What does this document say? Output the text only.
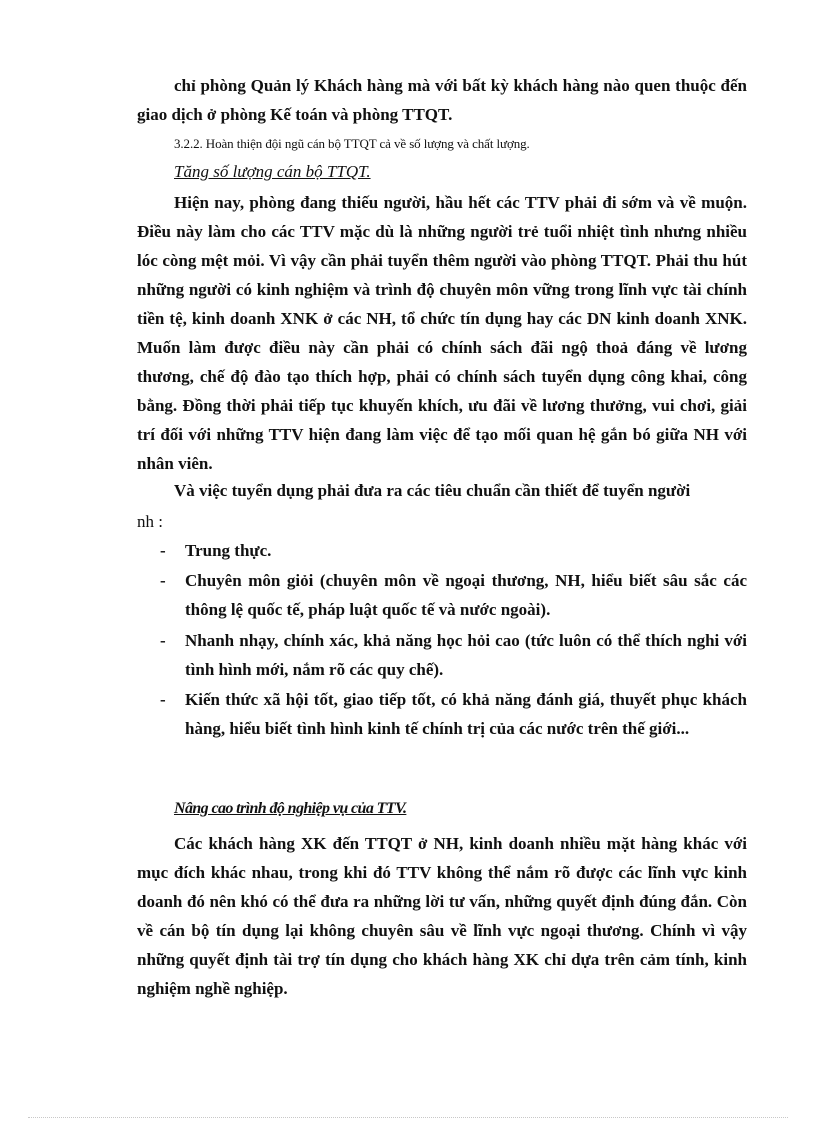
chỉ phòng Quản lý Khách hàng mà với bất kỳ khách hàng nào quen thuộc đến giao dịch ở phòng Kế toán và phòng TTQT.

3.2.2. Hoàn thiện đội ngũ cán bộ TTQT cả về số lượng và chất lượng.
Tăng số lượng cán bộ TTQT.

Hiện nay, phòng đang thiếu người, hầu hết các TTV phải đi sớm và về muộn. Điều này làm cho các TTV mặc dù là những người trẻ tuổi nhiệt tình nhưng nhiều lóc còng mệt mỏi. Vì vậy cần phải tuyển thêm người vào phòng TTQT. Phải thu hút những người có kinh nghiệm và trình độ chuyên môn vững trong lĩnh vực tài chính tiền tệ, kinh doanh XNK ở các NH, tổ chức tín dụng hay các DN kinh doanh XNK. Muốn làm được điều này cần phải có chính sách đãi ngộ thoả đáng về lương thương, chế độ đào tạo thích hợp, phải có chính sách tuyển dụng công khai, công bằng. Đồng thời phải tiếp tục khuyến khích, ưu đãi về lương thưởng, vui chơi, giải trí đối với những TTV hiện đang làm việc để tạo mối quan hệ gắn bó giữa NH với nhân viên.

Và việc tuyển dụng phải đưa ra các tiêu chuẩn cần thiết để tuyển người

nh :
-	Trung thực.

-	Chuyên môn giỏi (chuyên môn về ngoại thương, NH, hiểu biết sâu sắc các thông lệ quốc tế, pháp luật quốc tế và nước ngoài).

-	Nhanh nhạy, chính xác, khả năng học hỏi cao (tức luôn có thể thích nghi với tình hình mới, nắm rõ các quy chế).

-	Kiến thức xã hội tốt, giao tiếp tốt, có khả năng đánh giá, thuyết phục khách hàng, hiểu biết tình hình kinh tế chính trị của các nước trên thế giới...

Nâng cao trình độ nghiệp vụ của TTV.

Các khách hàng XK đến TTQT ở NH, kinh doanh nhiều mặt hàng khác với mục đích khác nhau, trong khi đó TTV không thể nắm rõ được các lĩnh vực kinh doanh đó nên khó có thể đưa ra những lời tư vấn, những quyết định đúng đắn. Còn về cán bộ tín dụng lại không chuyên sâu về lĩnh vực ngoại thương. Chính vì vậy những quyết định tài trợ tín dụng cho khách hàng XK chỉ dựa trên cảm tính, kinh nghiệm nghề nghiệp.
